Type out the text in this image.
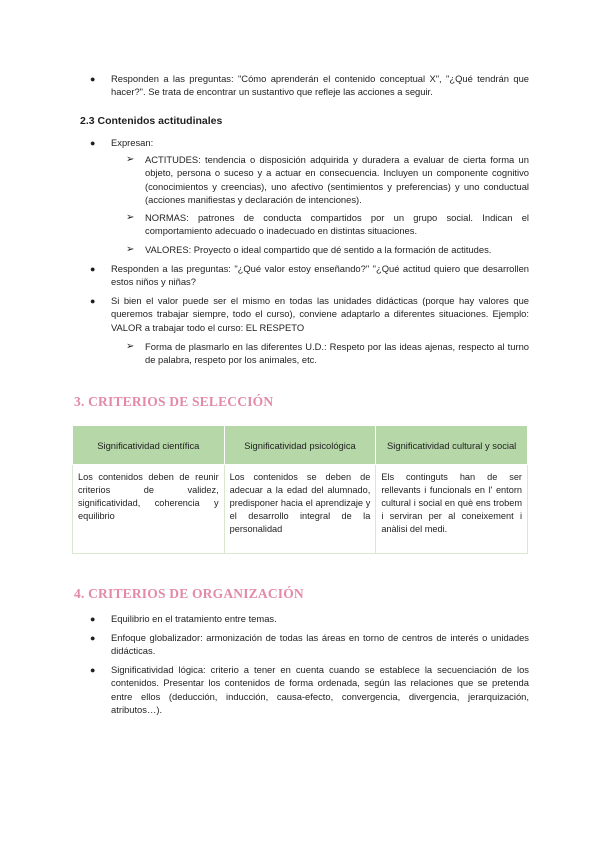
● Responden a las preguntas: "Cómo aprenderán el contenido conceptual X", "¿Qué tendrán que hacer?". Se trata de encontrar un sustantivo que refleje las acciones a seguir.
2.3 Contenidos actitudinales
● Expresan:
➢ ACTITUDES: tendencia o disposición adquirida y duradera a evaluar de cierta forma un objeto, persona o suceso y a actuar en consecuencia. Incluyen un componente cognitivo (conocimientos y creencias), uno afectivo (sentimientos y preferencias) y uno conductual (acciones manifiestas y declaración de intenciones).
➢ NORMAS: patrones de conducta compartidos por un grupo social. Indican el comportamiento adecuado o inadecuado en distintas situaciones.
➢ VALORES: Proyecto o ideal compartido que dé sentido a la formación de actitudes.
● Responden a las preguntas: "¿Qué valor estoy enseñando?" "¿Qué actitud quiero que desarrollen estos niños y niñas?
● Si bien el valor puede ser el mismo en todas las unidades didácticas (porque hay valores que queremos trabajar siempre, todo el curso), conviene adaptarlo a diferentes situaciones. Ejemplo: VALOR a trabajar todo el curso: EL RESPETO
➢ Forma de plasmarlo en las diferentes U.D.: Respeto por las ideas ajenas, respecto al turno de palabra, respeto por los animales, etc.
3. CRITERIOS DE SELECCIÓN
Significatividad científica	Significatividad psicológica	Significatividad cultural y social
Los contenidos deben de reunir criterios de validez, significatividad, coherencia y equilibrio	Los contenidos se deben de adecuar a la edad del alumnado, predisponer hacia el aprendizaje y el desarrollo integral de la personalidad	Els continguts han de ser rellevants i funcionals en l' entorn cultural i social en què ens trobem i serviran per al coneixement i anàlisi del medi.
4. CRITERIOS DE ORGANIZACIÓN
● Equilibrio en el tratamiento entre temas.
● Enfoque globalizador: armonización de todas las áreas en torno de centros de interés o unidades didácticas.
● Significatividad lógica: criterio a tener en cuenta cuando se establece la secuenciación de los contenidos. Presentar los contenidos de forma ordenada, según las relaciones que se pretenda entre ellos (deducción, inducción, causa-efecto, convergencia, divergencia, jerarquización, atributos…).
